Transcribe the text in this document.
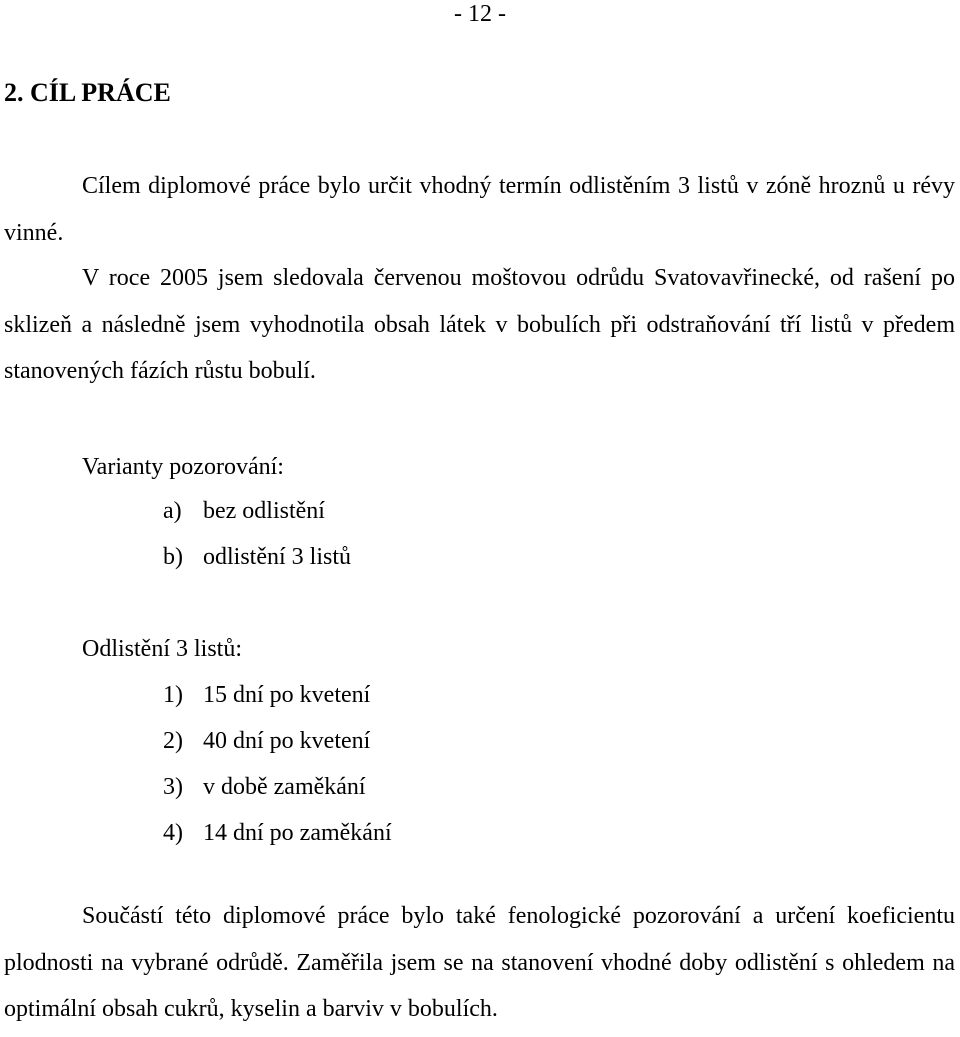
- 12 -
2. CÍL PRÁCE

Cílem diplomové práce bylo určit vhodný termín odlistěním 3 listů v zóně hroznů u révy vinné.

V roce 2005 jsem sledovala červenou moštovou odrůdu Svatovavřinecké, od rašení po sklizeň a následně jsem vyhodnotila obsah látek v bobulích při odstraňování tří listů v předem stanovených fázích růstu bobulí.

Varianty pozorování:

a) bez odlistění
b) odlistění 3 listů

Odlistění 3 listů:

1) 15 dní po kvetení
2) 40 dní po kvetení
3) v době zaměkání
4) 14 dní po zaměkání

Součástí této diplomové práce bylo také fenologické pozorování a určení koeficientu plodnosti na vybrané odrůdě. Zaměřila jsem se na stanovení vhodné doby odlistění s ohledem na optimální obsah cukrů, kyselin a barviv v bobulích.
